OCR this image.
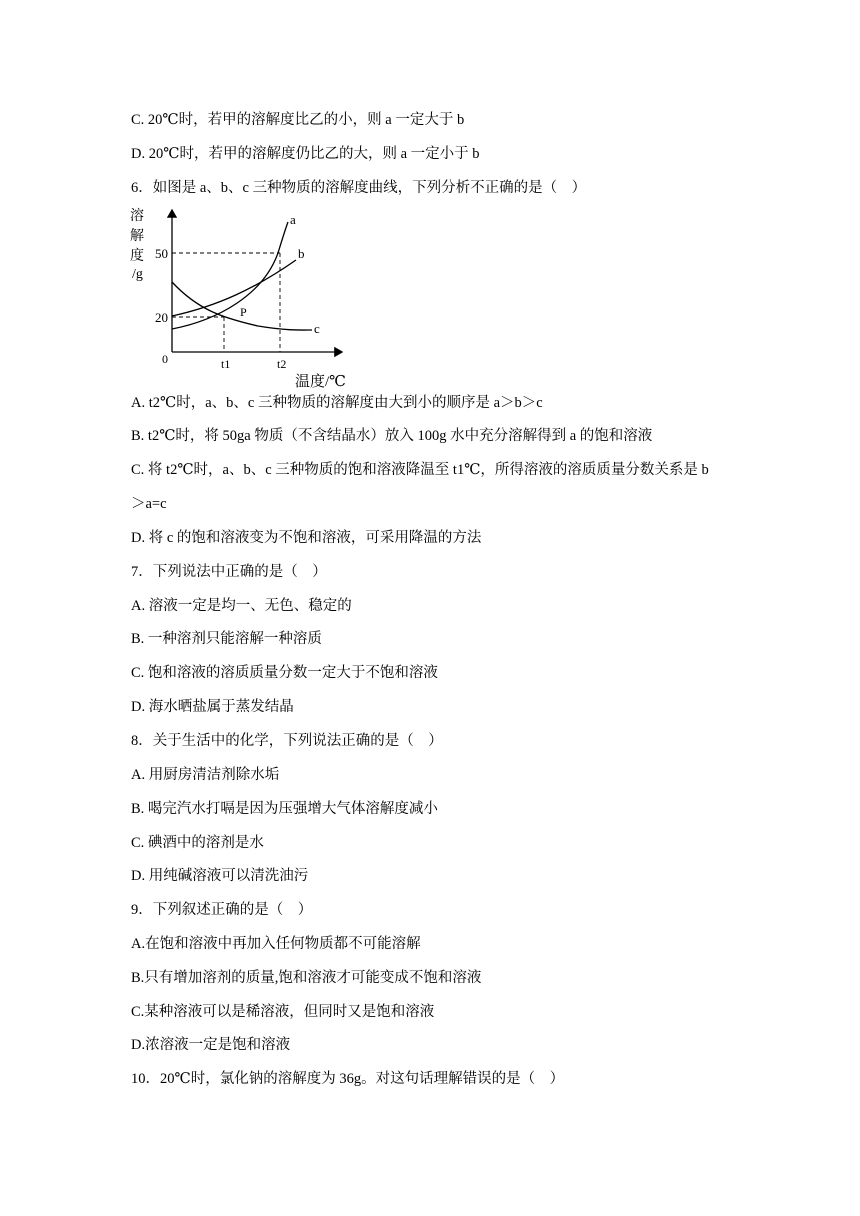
C. 20℃时，若甲的溶解度比乙的小，则 a 一定大于 b
D. 20℃时，若甲的溶解度仍比乙的大，则 a 一定小于 b
6．如图是 a、b、c 三种物质的溶解度曲线，下列分析不正确的是（　）
溶
解
度
/g
50
20
0	t1	t2
a
b
c
P
温度/℃
A. t2℃时，a、b、c 三种物质的溶解度由大到小的顺序是 a＞b＞c
B. t2℃时，将 50ga 物质（不含结晶水）放入 100g 水中充分溶解得到 a 的饱和溶液
C. 将 t2℃时，a、b、c 三种物质的饱和溶液降温至 t1℃，所得溶液的溶质质量分数关系是 b
＞a=c
D. 将 c 的饱和溶液变为不饱和溶液，可采用降温的方法
7．下列说法中正确的是（　）
A. 溶液一定是均一、无色、稳定的
B. 一种溶剂只能溶解一种溶质
C. 饱和溶液的溶质质量分数一定大于不饱和溶液
D. 海水晒盐属于蒸发结晶
8．关于生活中的化学，下列说法正确的是（　）
A. 用厨房清洁剂除水垢
B. 喝完汽水打嗝是因为压强增大气体溶解度减小
C. 碘酒中的溶剂是水
D. 用纯碱溶液可以清洗油污
9．下列叙述正确的是（　）
A.在饱和溶液中再加入任何物质都不可能溶解
B.只有增加溶剂的质量,饱和溶液才可能变成不饱和溶液
C.某种溶液可以是稀溶液，但同时又是饱和溶液
D.浓溶液一定是饱和溶液
10．20℃时，氯化钠的溶解度为 36g。对这句话理解错误的是（　）
